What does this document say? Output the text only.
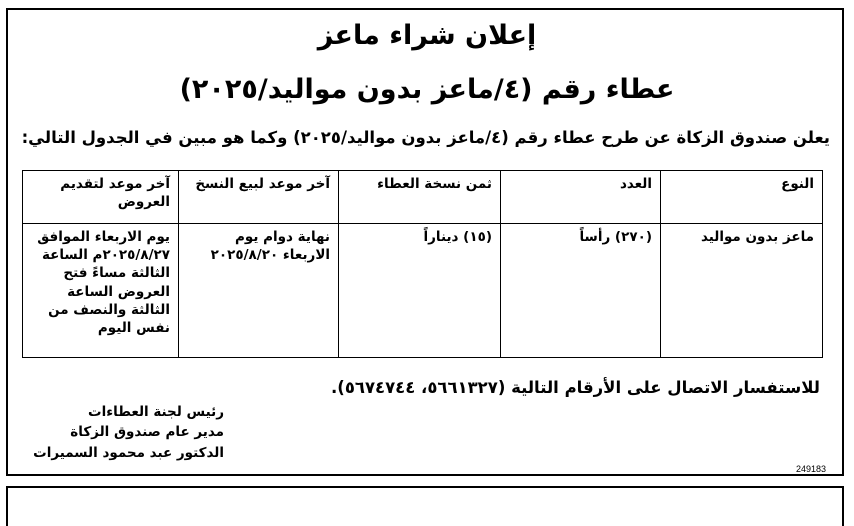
إعلان شراء ماعز
عطاء رقم (٤/ماعز بدون مواليد/٢٠٢٥)
يعلن صندوق الزكاة عن طرح عطاء رقم (٤/ماعز بدون مواليد/٢٠٢٥) وكما هو مبين في الجدول التالي:
النوع	العدد	ثمن نسخة العطاء	آخر موعد لبيع النسخ	آخر موعد لتقديم العروض
ماعز بدون مواليد	(٢٧٠) رأساً	(١٥) ديناراً	نهاية دوام يوم الاربعاء ٢٠٢٥/٨/٢٠	يوم الاربعاء الموافق ٢٠٢٥/٨/٢٧م الساعة الثالثة مساءً فتح العروض الساعة الثالثة والنصف من نفس اليوم
للاستفسار الاتصال على الأرقام التالية (٥٦٦١٣٢٧، ٥٦٧٤٧٤٤).
رئيس لجنة العطاءات
مدير عام صندوق الزكاة
الدكتور عبد محمود السميرات
249183
